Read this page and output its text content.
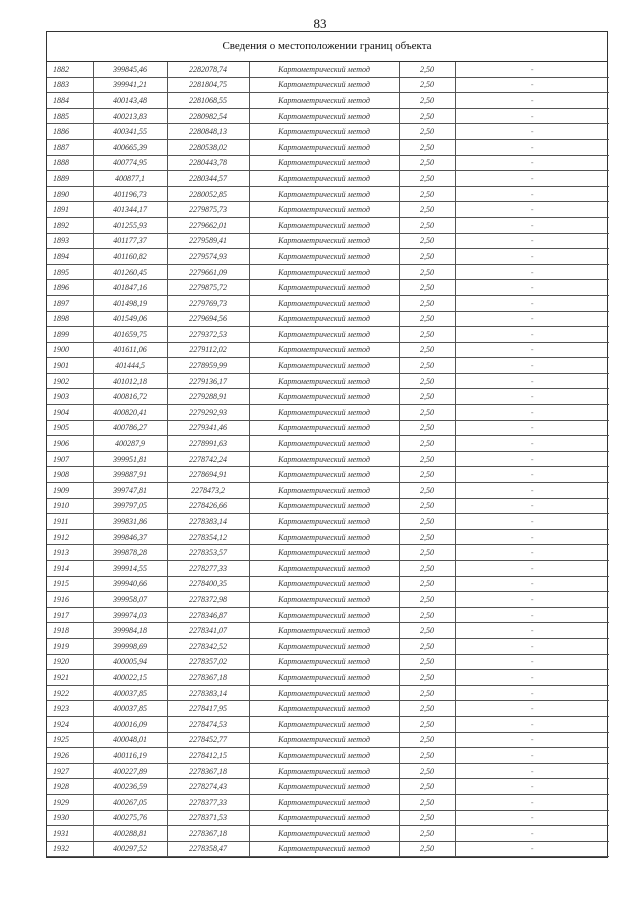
83
Сведения о местоположении границ объекта
1882	399845,46	2282078,74	Картометрический метод	2,50	-
1883	399941,21	2281804,75	Картометрический метод	2,50	-
1884	400143,48	2281068,55	Картометрический метод	2,50	-
1885	400213,83	2280982,54	Картометрический метод	2,50	-
1886	400341,55	2280848,13	Картометрический метод	2,50	-
1887	400665,39	2280538,02	Картометрический метод	2,50	-
1888	400774,95	2280443,78	Картометрический метод	2,50	-
1889	400877,1	2280344,57	Картометрический метод	2,50	-
1890	401196,73	2280052,85	Картометрический метод	2,50	-
1891	401344,17	2279875,73	Картометрический метод	2,50	-
1892	401255,93	2279662,01	Картометрический метод	2,50	-
1893	401177,37	2279589,41	Картометрический метод	2,50	-
1894	401160,82	2279574,93	Картометрический метод	2,50	-
1895	401260,45	2279661,09	Картометрический метод	2,50	-
1896	401847,16	2279875,72	Картометрический метод	2,50	-
1897	401498,19	2279769,73	Картометрический метод	2,50	-
1898	401549,06	2279694,56	Картометрический метод	2,50	-
1899	401659,75	2279372,53	Картометрический метод	2,50	-
1900	401611,06	2279112,02	Картометрический метод	2,50	-
1901	401444,5	2278959,99	Картометрический метод	2,50	-
1902	401012,18	2279136,17	Картометрический метод	2,50	-
1903	400816,72	2279288,91	Картометрический метод	2,50	-
1904	400820,41	2279292,93	Картометрический метод	2,50	-
1905	400786,27	2279341,46	Картометрический метод	2,50	-
1906	400287,9	2278991,63	Картометрический метод	2,50	-
1907	399951,81	2278742,24	Картометрический метод	2,50	-
1908	399887,91	2278694,91	Картометрический метод	2,50	-
1909	399747,81	2278473,2	Картометрический метод	2,50	-
1910	399797,05	2278426,66	Картометрический метод	2,50	-
1911	399831,86	2278383,14	Картометрический метод	2,50	-
1912	399846,37	2278354,12	Картометрический метод	2,50	-
1913	399878,28	2278353,57	Картометрический метод	2,50	-
1914	399914,55	2278277,33	Картометрический метод	2,50	-
1915	399940,66	2278400,35	Картометрический метод	2,50	-
1916	399958,07	2278372,98	Картометрический метод	2,50	-
1917	399974,03	2278346,87	Картометрический метод	2,50	-
1918	399984,18	2278341,07	Картометрический метод	2,50	-
1919	399998,69	2278342,52	Картометрический метод	2,50	-
1920	400005,94	2278357,02	Картометрический метод	2,50	-
1921	400022,15	2278367,18	Картометрический метод	2,50	-
1922	400037,85	2278383,14	Картометрический метод	2,50	-
1923	400037,85	2278417,95	Картометрический метод	2,50	-
1924	400016,09	2278474,53	Картометрический метод	2,50	-
1925	400048,01	2278452,77	Картометрический метод	2,50	-
1926	400116,19	2278412,15	Картометрический метод	2,50	-
1927	400227,89	2278367,18	Картометрический метод	2,50	-
1928	400236,59	2278274,43	Картометрический метод	2,50	-
1929	400267,05	2278377,33	Картометрический метод	2,50	-
1930	400275,76	2278371,53	Картометрический метод	2,50	-
1931	400288,81	2278367,18	Картометрический метод	2,50	-
1932	400297,52	2278358,47	Картометрический метод	2,50	-
